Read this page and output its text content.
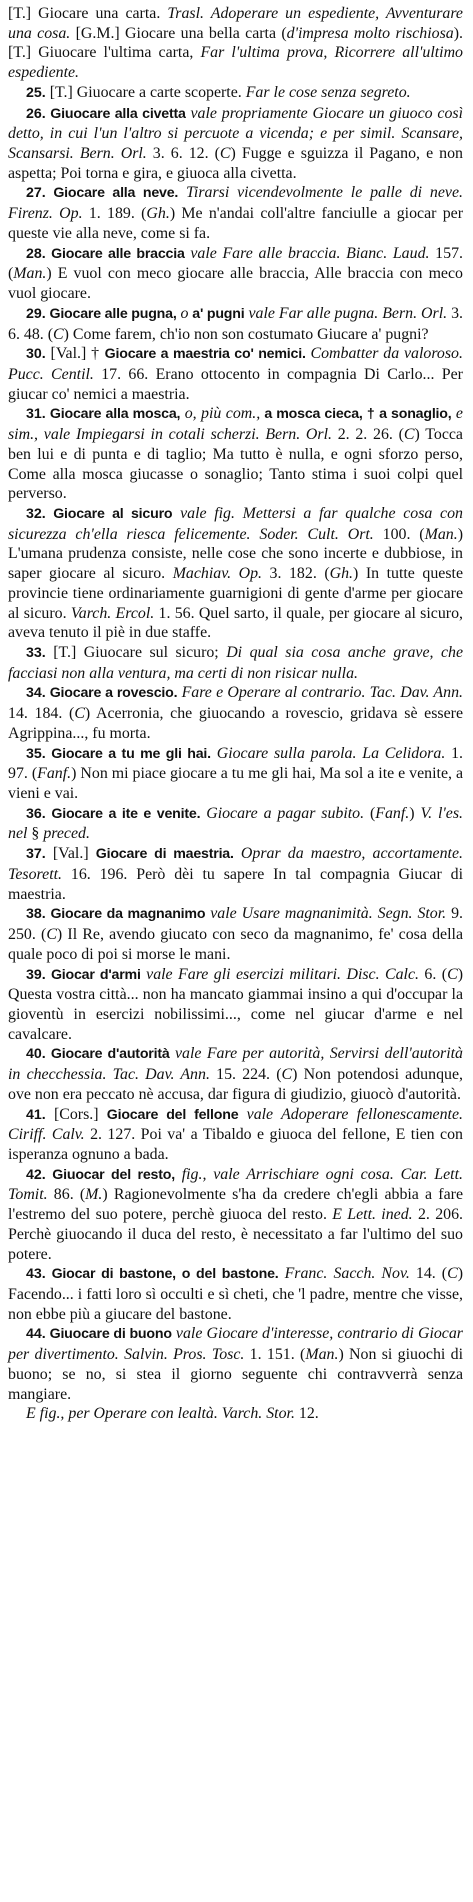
[T.] Giocare una carta. Trasl. Adoperare un espediente, Avventurare una cosa. [G.M.] Giocare una bella carta (d'impresa molto rischiosa). [T.] Giuocare l'ultima carta, Far l'ultima prova, Ricorrere all'ultimo espediente.

25. [T.] Giuocare a carte scoperte. Far le cose senza segreto.

26. Giuocare alla civetta vale propriamente Giocare un giuoco così detto, in cui l'un l'altro si percuote a vicenda; e per simil. Scansare, Scansarsi. Bern. Orl. 3. 6. 12. (C) Fugge e sguizza il Pagano, e non aspetta; Poi torna e gira, e giuoca alla civetta.

27. Giocare alla neve. Tirarsi vicendevolmente le palle di neve. Firenz. Op. 1. 189. (Gh.) Me n'andai coll'altre fanciulle a giocar per queste vie alla neve, come si fa.

28. Giocare alle braccia vale Fare alle braccia. Bianc. Laud. 157. (Man.) E vuol con meco giocare alle braccia, Alle braccia con meco vuol giocare.

29. Giocare alle pugna, o a' pugni vale Far alle pugna. Bern. Orl. 3. 6. 48. (C) Come farem, ch'io non son costumato Giucare a' pugni?

30. [Val.] † Giocare a maestria co' nemici. Combatter da valoroso. Pucc. Centil. 17. 66. Erano ottocento in compagnia Di Carlo... Per giucar co' nemici a maestria.

31. Giocare alla mosca, o, più com., a mosca cieca, † a sonaglio, e sim., vale Impiegarsi in cotali scherzi. Bern. Orl. 2. 2. 26. (C) Tocca ben lui e di punta e di taglio; Ma tutto è nulla, e ogni sforzo perso, Come alla mosca giucasse o sonaglio; Tanto stima i suoi colpi quel perverso.

32. Giocare al sicuro vale fig. Mettersi a far qualche cosa con sicurezza ch'ella riesca felicemente. Soder. Cult. Ort. 100. (Man.) L'umana prudenza consiste, nelle cose che sono incerte e dubbiose, in saper giocare al sicuro. Machiav. Op. 3. 182. (Gh.) In tutte queste provincie tiene ordinariamente guarnigioni di gente d'arme per giocare al sicuro. Varch. Ercol. 1. 56. Quel sarto, il quale, per giocare al sicuro, aveva tenuto il piè in due staffe.

33. [T.] Giuocare sul sicuro; Di qual sia cosa anche grave, che facciasi non alla ventura, ma certi di non risicar nulla.

34. Giocare a rovescio. Fare e Operare al contrario. Tac. Dav. Ann. 14. 184. (C) Acerronia, che giuocando a rovescio, gridava sè essere Agrippina..., fu morta.

35. Giocare a tu me gli hai. Giocare sulla parola. La Celidora. 1. 97. (Fanf.) Non mi piace giocare a tu me gli hai, Ma sol a ite e venite, a vieni e vai.

36. Giocare a ite e venite. Giocare a pagar subito. (Fanf.) V. l'es. nel § preced.

37. [Val.] Giocare di maestria. Oprar da maestro, accortamente. Tesorett. 16. 196. Però dèi tu sapere In tal compagnia Giucar di maestria.

38. Giocare da magnanimo vale Usare magnanimità. Segn. Stor. 9. 250. (C) Il Re, avendo giucato con seco da magnanimo, fe' cosa della quale poco di poi si morse le mani.

39. Giocar d'armi vale Fare gli esercizi militari. Disc. Calc. 6. (C) Questa vostra città... non ha mancato giammai insino a qui d'occupar la gioventù in esercizi nobilissimi..., come nel giucar d'arme e nel cavalcare.

40. Giocare d'autorità vale Fare per autorità, Servirsi dell'autorità in checchessia. Tac. Dav. Ann. 15. 224. (C) Non potendosi adunque, ove non era peccato nè accusa, dar figura di giudizio, giuocò d'autorità.

41. [Cors.] Giocare del fellone vale Adoperare fellonescamente. Ciriff. Calv. 2. 127. Poi va' a Tibaldo e giuoca del fellone, E tien con isperanza ognuno a bada.

42. Giuocar del resto, fig., vale Arrischiare ogni cosa. Car. Lett. Tomit. 86. (M.) Ragionevolmente s'ha da credere ch'egli abbia a fare l'estremo del suo potere, perchè giuoca del resto. E Lett. ined. 2. 206. Perchè giuocando il duca del resto, è necessitato a far l'ultimo del suo potere.

43. Giocar di bastone, o del bastone. Franc. Sacch. Nov. 14. (C) Facendo... i fatti loro sì occulti e sì cheti, che 'l padre, mentre che visse, non ebbe più a giucare del bastone.

44. Giuocare di buono vale Giocare d'interesse, contrario di Giocar per divertimento. Salvin. Pros. Tosc. 1. 151. (Man.) Non si giuochi di buono; se no, si stea il giorno seguente chi contravverrà senza mangiare.

E fig., per Operare con lealtà. Varch. Stor. 12.
